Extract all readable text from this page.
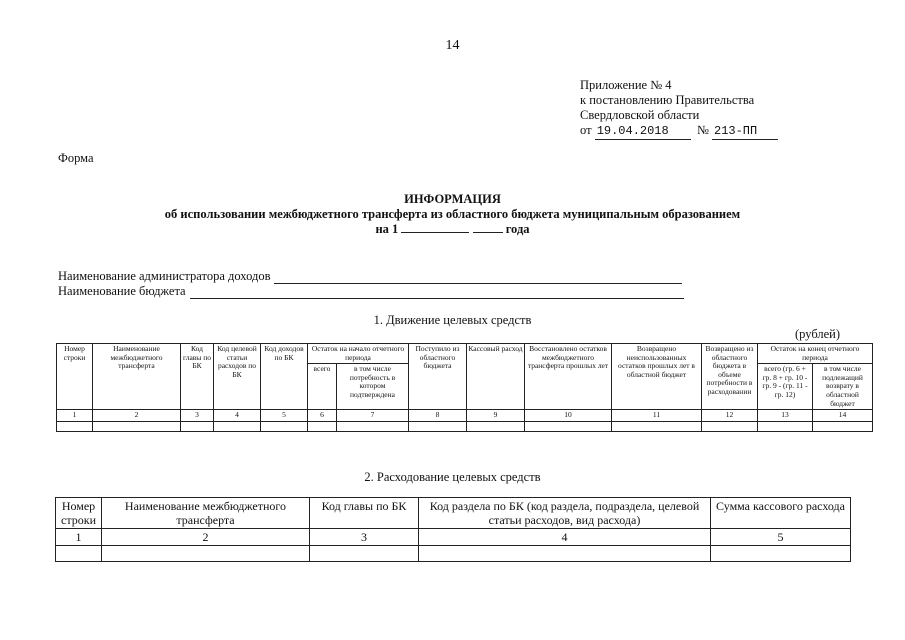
14
Приложение № 4
к постановлению Правительства
Свердловской области
от 19.04.2018 № 213-ПП
Форма
ИНФОРМАЦИЯ
об использовании межбюджетного трансферта из областного бюджета муниципальным образованием
на 1	года
Наименование администратора доходов
Наименование бюджета
1. Движение целевых средств
(рублей)
Номер строки	Наименование межбюджетного трансферта	Код главы по БК	Код целевой статьи расходов по БК	Код доходов по БК	Остаток на начало отчетного периода		Поступило из областного бюджета	Кассовый расход	Восстановлено остатков межбюджетного трансферта прошлых лет	Возвращено неиспользованных остатков прошлых лет в областной бюджет	Возвращено из областного бюджета в объеме потребности в расходовании	Остаток на конец отчетного периода	
					всего	в том числе потребность в котором подтверждена						всего (гр. 6 + гр. 8 + гр. 10 - гр. 9 - (гр. 11 - гр. 12)	в том числе подлежащий возврату в областной бюджет
1	2	3	4	5	6	7	8	9	10	11	12	13	14

2. Расходование целевых средств
Номер строки	Наименование межбюджетного трансферта	Код главы по БК	Код раздела по БК (код раздела, подраздела, целевой статьи расходов, вид расхода)	Сумма кассового расхода
1	2	3	4	5
